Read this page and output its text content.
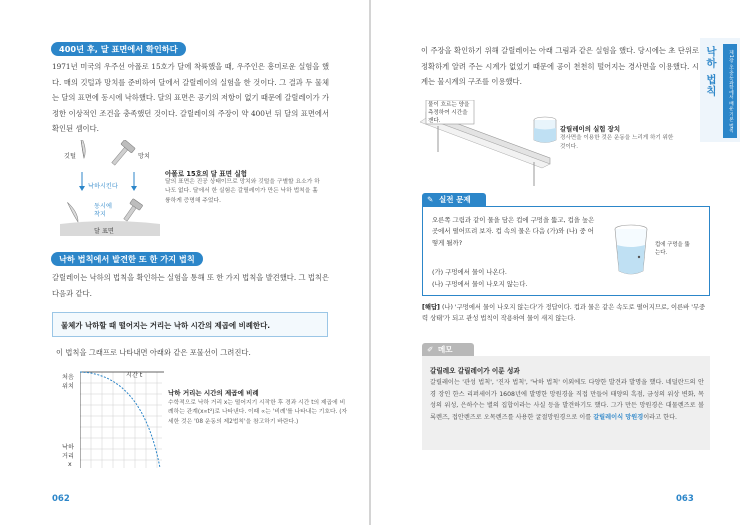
400년 후, 달 표면에서 확인하다

1971년 미국의 우주선 아폴로 15호가 달에 착륙했을 때, 우주인은 흥미로운 실험을 했다. 매의 깃털과 망치를 준비하여 달에서 갈릴레이의 실험을 한 것이다. 그 결과 두 물체는 달의 표면에 동시에 낙하했다. 달의 표면은 공기의 저항이 없기 때문에 갈릴레이가 가정한 이상적인 조건을 충족했던 것이다. 갈릴레이의 주장이 약 400년 뒤 달의 표면에서 확인된 셈이다.

깃털	망치
낙하시킨다
동시에 착지
달 표면
아폴로 15호의 달 표면 실험

달의 표면은 진공 상태이므로 망치와 깃털을 구별할 요소가 하나도 없다. 달에서 한 실험은 갈릴레이가 만든 낙하 법칙을 훌륭하게 증명해 주었다.

낙하 법칙에서 발견한 또 한 가지 법칙

갈릴레이는 낙하의 법칙을 확인하는 실험을 통해 또 한 가지 법칙을 발견했다. 그 법칙은 다음과 같다.

물체가 낙하할 때 떨어지는 거리는 낙하 시간의 제곱에 비례한다.

이 법칙을 그래프로 나타내면 아래와 같은 포물선이 그려진다.

시간 t
처음
위치
낙하
거리
x
낙하 거리는 시간의 제곱에 비례

수학적으로 낙하 거리 x는 떨어지기 시작한 후 경과 시간 t의 제곱에 비례하는 관계(x∝t²)로 나타낸다. 이때 ∝는 '비례'를 나타내는 기호다. (자세한 것은 '08 운동의 제2법칙'을 참고하기 바란다.)

062
낙하 법칙	제1장 초·중등과학에서 배운 기본 법칙
063

이 주장을 확인하기 위해 갈릴레이는 아래 그림과 같은 실험을 했다. 당시에는 초 단위로 정확하게 알려 주는 시계가 없었기 때문에 공이 천천히 떨어지는 경사면을 이용했다. 시계는 물시계의 구조를 이용했다.

물이 흐르는 양을 측정하여 시간을 잰다.
갈릴레이의 실험 장치

경사면을 이용한 것은 운동을 느리게 하기 위한 것이다.

✎ 실전 문제

오른쪽 그림과 같이 물을 담은 컵에 구멍을 뚫고, 컵을 높은 곳에서 떨어뜨려 보자. 컵 속의 물은 다음 (가)와 (나) 중 어떻게 될까?

(가) 구멍에서 물이 나온다.
(나) 구멍에서 물이 나오지 않는다.
컵에 구멍을 뚫는다.

[해답] (나) '구멍에서 물이 나오지 않는다'가 정답이다. 컵과 물은 같은 속도로 떨어지므로, 이른바 '무중력 상태'가 되고 관성 법칙이 작용하여 물이 새지 않는다.

✐ 메모
갈릴레오 갈릴레이가 이룬 성과

갈릴레이는 '관성 법칙', '진자 법칙', '낙하 법칙' 이외에도 다양한 발견과 발명을 했다. 네덜란드의 안경 장인 한스 리퍼세이가 1608년에 발명한 망원경을 직접 만들어 태양의 흑점, 금성의 위상 변화, 목성의 위성, 은하수는 별의 집합이라는 사실 등을 발견하기도 했다. 그가 만든 망원경은 대물렌즈로 볼록렌즈, 접안렌즈로 오목렌즈를 사용한 굴절망원경으로 이를 갈릴레이식 망원경이라고 한다.
